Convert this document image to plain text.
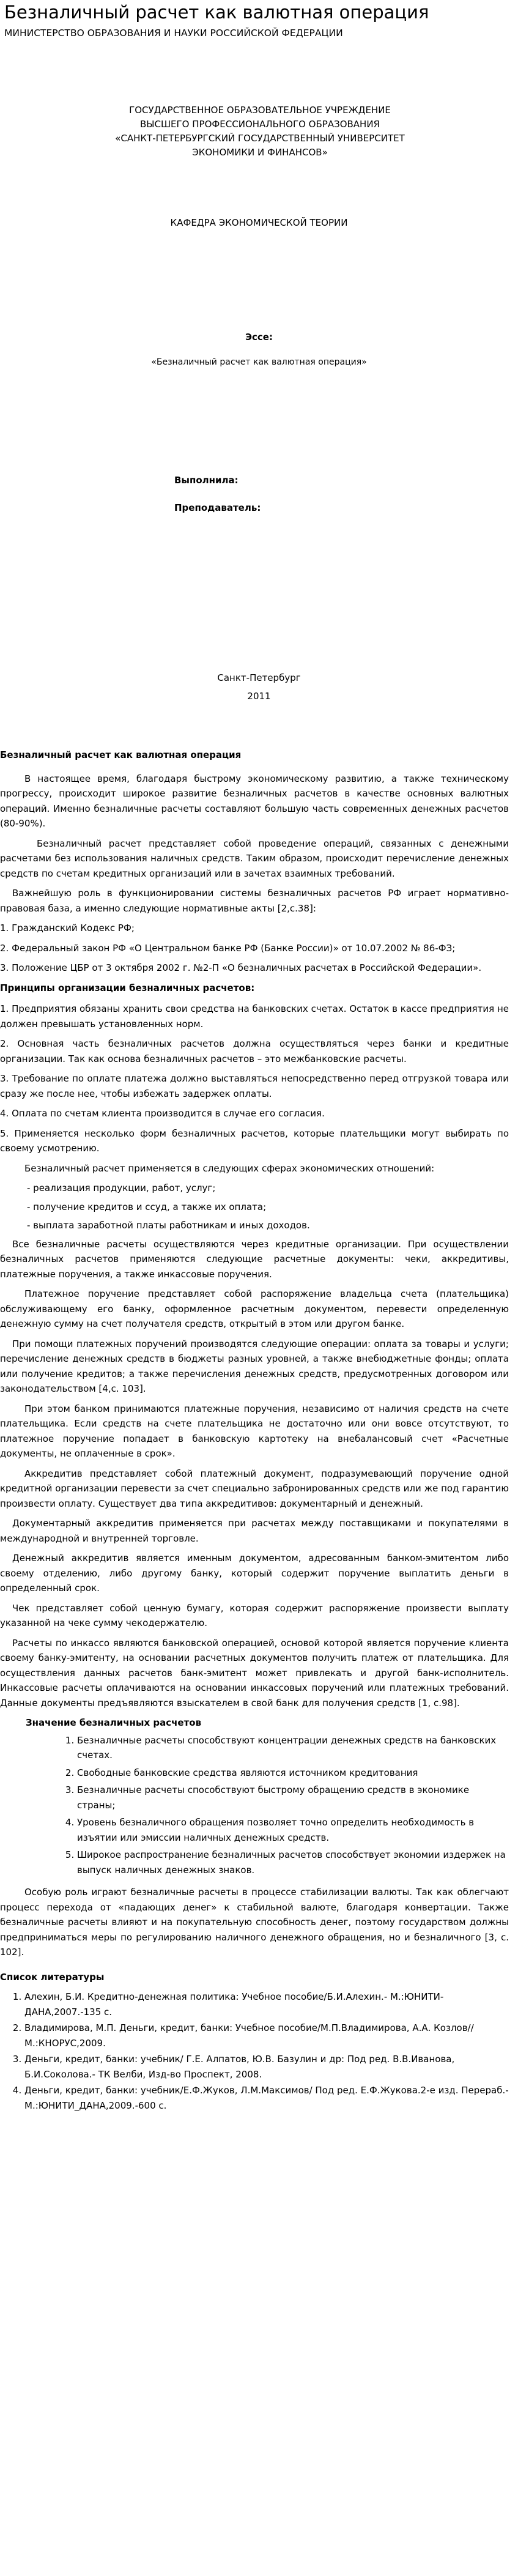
Безналичный расчет как валютная операция
МИНИСТЕРСТВО ОБРАЗОВАНИЯ И НАУКИ РОССИЙСКОЙ ФЕДЕРАЦИИ
ГОСУДАРСТВЕННОЕ ОБРАЗОВАТЕЛЬНОЕ УЧРЕЖДЕНИЕ
ВЫСШЕГО ПРОФЕССИОНАЛЬНОГО ОБРАЗОВАНИЯ
«САНКТ-ПЕТЕРБУРГСКИЙ ГОСУДАРСТВЕННЫЙ УНИВЕРСИТЕТ
ЭКОНОМИКИ И ФИНАНСОВ»
КАФЕДРА ЭКОНОМИЧЕСКОЙ ТЕОРИИ
Эссе:
«Безналичный расчет как валютная операция»
Выполнила:
Преподаватель:
Санкт-Петербург
2011

Безналичный расчет как валютная операция

В настоящее время, благодаря быстрому экономическому развитию, а также техническому прогрессу, происходит широкое развитие безналичных расчетов в качестве основных валютных операций. Именно безналичные расчеты составляют большую часть современных денежных расчетов (80-90%).

Безналичный расчет представляет собой проведение операций, связанных с денежными расчетами без использования наличных средств. Таким образом, происходит перечисление денежных средств по счетам кредитных организаций или в зачетах взаимных требований.

Важнейшую роль в функционировании системы безналичных расчетов РФ играет нормативно-правовая база, а именно следующие нормативные акты [2,с.38]:

1. Гражданский Кодекс РФ;

2. Федеральный закон РФ «О Центральном банке РФ (Банке России)» от 10.07.2002 № 86-ФЗ;

3. Положение ЦБР от 3 октября 2002 г. №2-П «О безналичных расчетах в Российской Федерации».

Принципы организации безналичных расчетов:

1. Предприятия обязаны хранить свои средства на банковских счетах. Остаток в кассе предприятия не должен превышать установленных норм.

2. Основная часть безналичных расчетов должна осуществляться через банки и кредитные организации. Так как основа безналичных расчетов – это межбанковские расчеты.

3. Требование по оплате платежа должно выставляться непосредственно перед отгрузкой товара или сразу же после нее, чтобы избежать задержек оплаты.

4. Оплата по счетам клиента производится в случае его согласия.

5. Применяется несколько форм безналичных расчетов, которые плательщики могут выбирать по своему усмотрению.

Безналичный расчет применяется в следующих сферах экономических отношений:

- реализация продукции, работ, услуг;
- получение кредитов и ссуд, а также их оплата;
- выплата заработной платы работникам и иных доходов.

Все безналичные расчеты осуществляются через кредитные организации. При осуществлении безналичных расчетов применяются следующие расчетные документы: чеки, аккредитивы, платежные поручения, а также инкассовые поручения.

Платежное поручение представляет собой распоряжение владельца счета (плательщика) обслуживающему его банку, оформленное расчетным документом, перевести определенную денежную сумму на счет получателя средств, открытый в этом или другом банке.

При помощи платежных поручений производятся следующие операции: оплата за товары и услуги; перечисление денежных средств в бюджеты разных уровней, а также внебюджетные фонды; оплата или получение кредитов; а также перечисления денежных средств, предусмотренных договором или законодательством [4,с. 103].

При этом банком принимаются платежные поручения, независимо от наличия средств на счете плательщика. Если средств на счете плательщика не достаточно или они вовсе отсутствуют, то платежное поручение попадает в банковскую картотеку на внебалансовый счет «Расчетные документы, не оплаченные в срок».

Аккредитив представляет собой платежный документ, подразумевающий поручение одной кредитной организации перевести за счет специально забронированных средств или же под гарантию произвести оплату. Существует два типа аккредитивов: документарный и денежный.

Документарный аккредитив применяется при расчетах между поставщиками и покупателями в международной и внутренней торговле.

Денежный аккредитив является именным документом, адресованным банком-эмитентом либо своему отделению, либо другому банку, который содержит поручение выплатить деньги в определенный срок.

Чек представляет собой ценную бумагу, которая содержит распоряжение произвести выплату указанной на чеке сумму чекодержателю.

Расчеты по инкассо являются банковской операцией, основой которой является поручение клиента своему банку-эмитенту, на основании расчетных документов получить платеж от плательщика. Для осуществления данных расчетов банк-эмитент может привлекать и другой банк-исполнитель. Инкассовые расчеты оплачиваются на основании инкассовых поручений или платежных требований. Данные документы предъявляются взыскателем в свой банк для получения средств [1, с.98].

Значение безналичных расчетов

1. Безналичные расчеты способствуют концентрации денежных средств на банковских счетах.
2. Свободные банковские средства являются источником кредитования
3. Безналичные расчеты способствуют быстрому обращению средств в экономике страны;
4. Уровень безналичного обращения позволяет точно определить необходимость в изъятии или эмиссии наличных денежных средств.
5. Широкое распространение безналичных расчетов способствует экономии издержек на выпуск наличных денежных знаков.

Особую роль играют безналичные расчеты в процессе стабилизации валюты. Так как облегчают процесс перехода от «падающих денег» к стабильной валюте, благодаря конвертации. Также безналичные расчеты влияют и на покупательную способность денег, поэтому государством должны предприниматься меры по регулированию наличного денежного обращения, но и безналичного [3, с. 102].

Список литературы

1. Алехин, Б.И. Кредитно-денежная политика: Учебное пособие/Б.И.Алехин.- М.:ЮНИТИ-ДАНА,2007.-135 с.
2. Владимирова, М.П. Деньги, кредит, банки: Учебное пособие/М.П.Владимирова, А.А. Козлов//М.:КНОРУС,2009.
3. Деньги, кредит, банки: учебник/ Г.Е. Алпатов, Ю.В. Базулин и др: Под ред. В.В.Иванова, Б.И.Соколова.- ТК Велби, Изд-во Проспект, 2008.
4. Деньги, кредит, банки: учебник/Е.Ф.Жуков, Л.М.Максимов/ Под ред. Е.Ф.Жукова.2-е изд. Перераб.-М.:ЮНИТИ_ДАНА,2009.-600 с.
